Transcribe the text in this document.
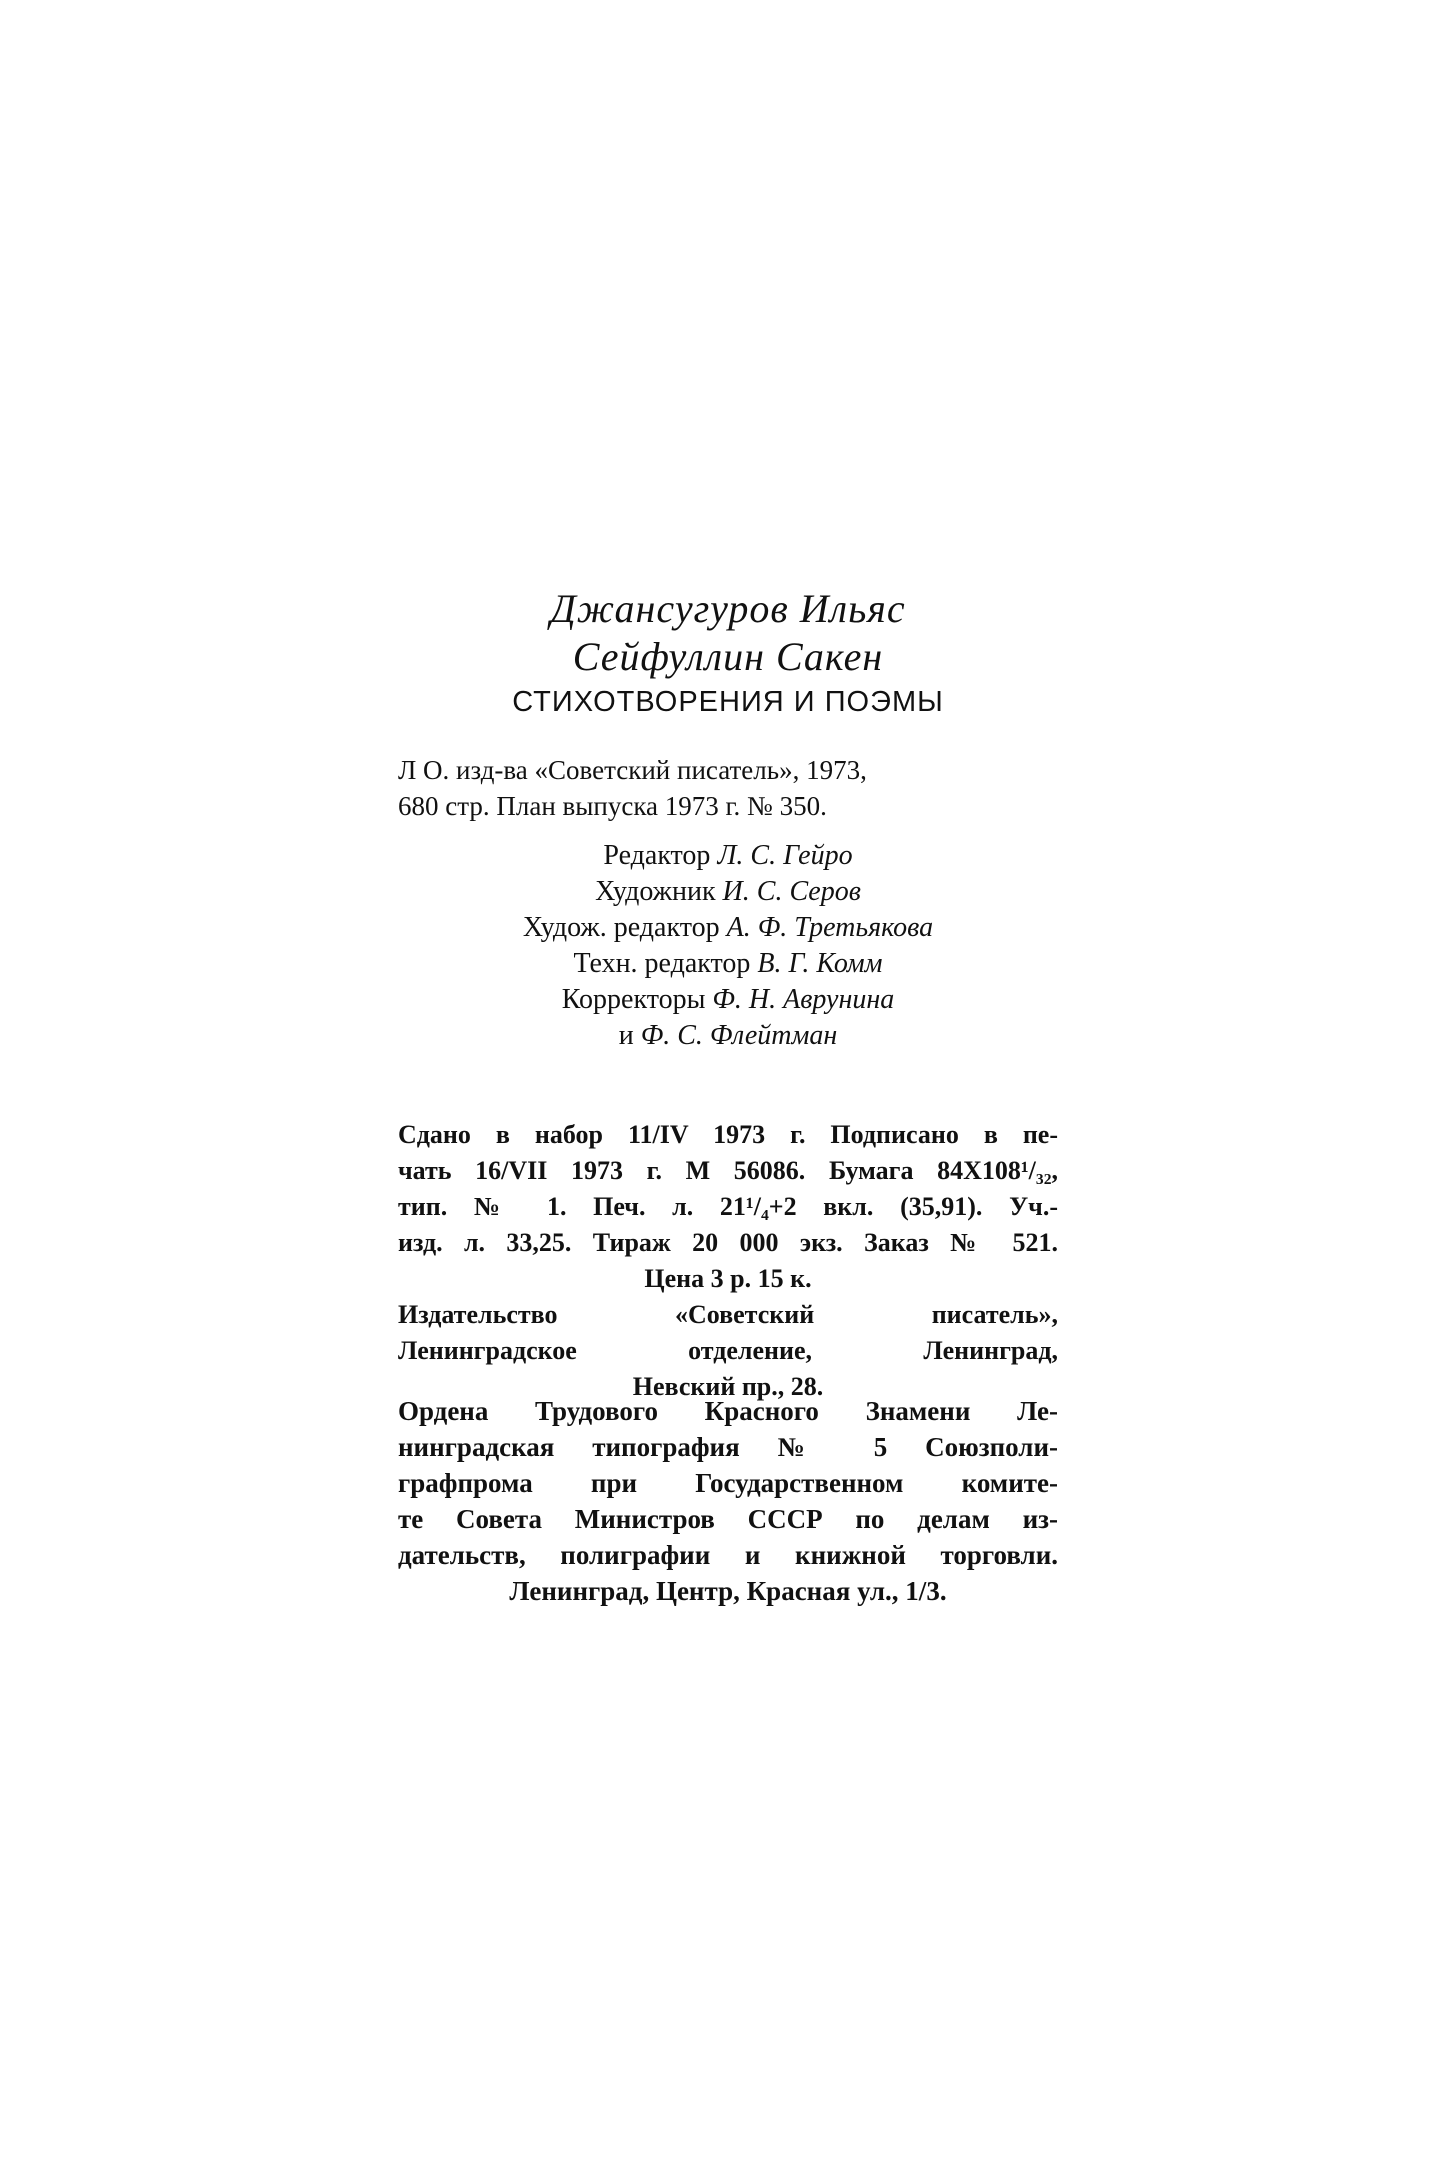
Джансугуров Ильяс
Сейфуллин Сакен
СТИХОТВОРЕНИЯ И ПОЭМЫ
Л О. изд-ва «Советский писатель», 1973,
680 стр. План выпуска 1973 г. № 350.
Редактор Л. С. Гейро
Художник И. С. Серов
Худож. редактор А. Ф. Третьякова
Техн. редактор В. Г. Комм
Корректоры Ф. Н. Аврунина
и Ф. С. Флейтман
Сдано в набор 11/IV 1973 г. Подписано в пе-
чать 16/VII 1973 г. М 56086. Бумага 84X108¹/₃₂,
тип. № 1. Печ. л. 21¹/₄+2 вкл. (35,91). Уч.-
изд. л. 33,25. Тираж 20 000 экз. Заказ № 521.
Цена 3 р. 15 к.
Издательство «Советский писатель»,
Ленинградское отделение, Ленинград,
Невский пр., 28.
Ордена Трудового Красного Знамени Ле-
нинградская типография № 5 Союзполи-
графпрома при Государственном комите-
те Совета Министров СССР по делам из-
дательств, полиграфии и книжной торговли.
Ленинград, Центр, Красная ул., 1/3.
